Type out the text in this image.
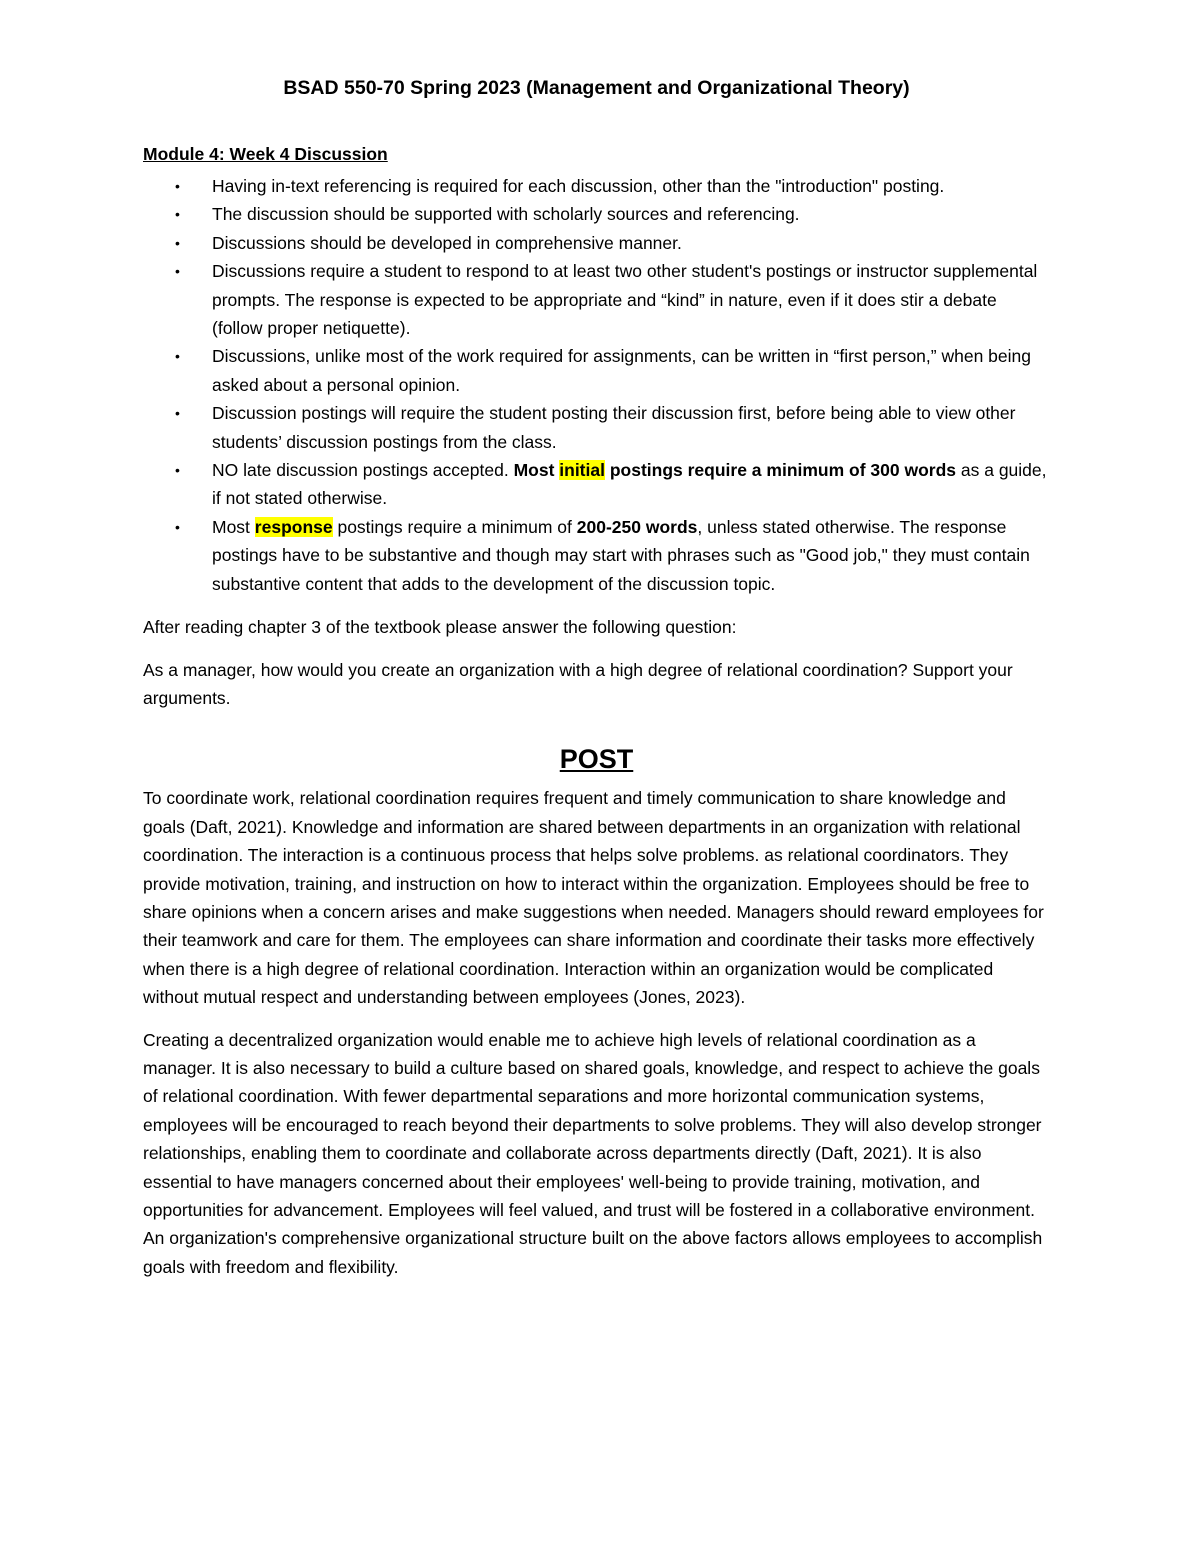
BSAD 550-70 Spring 2023 (Management and Organizational Theory)
Module 4: Week 4 Discussion
• Having in-text referencing is required for each discussion, other than the "introduction" posting.
• The discussion should be supported with scholarly sources and referencing.
• Discussions should be developed in comprehensive manner.
• Discussions require a student to respond to at least two other student's postings or instructor supplemental prompts. The response is expected to be appropriate and “kind” in nature, even if it does stir a debate (follow proper netiquette).
• Discussions, unlike most of the work required for assignments, can be written in “first person,” when being asked about a personal opinion.
• Discussion postings will require the student posting their discussion first, before being able to view other students’ discussion postings from the class.
• NO late discussion postings accepted. Most initial postings require a minimum of 300 words as a guide, if not stated otherwise.
• Most response postings require a minimum of 200-250 words, unless stated otherwise. The response postings have to be substantive and though may start with phrases such as "Good job," they must contain substantive content that adds to the development of the discussion topic.

After reading chapter 3 of the textbook please answer the following question:

As a manager, how would you create an organization with a high degree of relational coordination? Support your arguments.

POST

To coordinate work, relational coordination requires frequent and timely communication to share knowledge and goals (Daft, 2021). Knowledge and information are shared between departments in an organization with relational coordination. The interaction is a continuous process that helps solve problems. as relational coordinators. They provide motivation, training, and instruction on how to interact within the organization. Employees should be free to share opinions when a concern arises and make suggestions when needed. Managers should reward employees for their teamwork and care for them. The employees can share information and coordinate their tasks more effectively when there is a high degree of relational coordination. Interaction within an organization would be complicated without mutual respect and understanding between employees (Jones, 2023).

Creating a decentralized organization would enable me to achieve high levels of relational coordination as a manager. It is also necessary to build a culture based on shared goals, knowledge, and respect to achieve the goals of relational coordination. With fewer departmental separations and more horizontal communication systems, employees will be encouraged to reach beyond their departments to solve problems. They will also develop stronger relationships, enabling them to coordinate and collaborate across departments directly (Daft, 2021). It is also essential to have managers concerned about their employees' well-being to provide training, motivation, and opportunities for advancement. Employees will feel valued, and trust will be fostered in a collaborative environment. An organization's comprehensive organizational structure built on the above factors allows employees to accomplish goals with freedom and flexibility.
